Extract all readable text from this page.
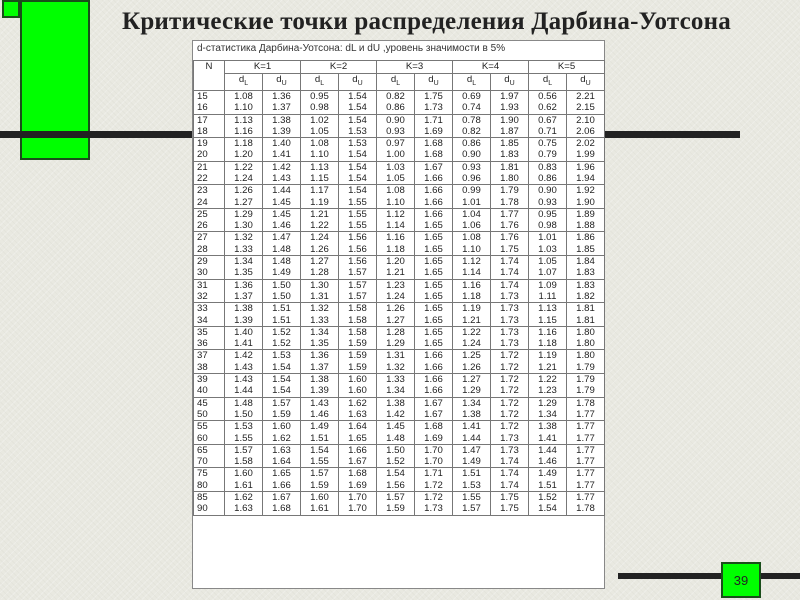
Критические точки распределения Дарбина-Уотсона
d-статистика Дарбина-Уотсона: dL и dU ,уровень значимости в 5%
N	K=1		K=2		K=3		K=4		K=5	
	$d_L$	$d_U$	$d_L$	$d_U$	$d_L$	$d_U$	$d_L$	$d_U$	$d_L$	$d_U$
15	1.08	1.36	0.95	1.54	0.82	1.75	0.69	1.97	0.56	2.21
16	1.10	1.37	0.98	1.54	0.86	1.73	0.74	1.93	0.62	2.15
17	1.13	1.38	1.02	1.54	0.90	1.71	0.78	1.90	0.67	2.10
18	1.16	1.39	1.05	1.53	0.93	1.69	0.82	1.87	0.71	2.06
19	1.18	1.40	1.08	1.53	0.97	1.68	0.86	1.85	0.75	2.02
20	1.20	1.41	1.10	1.54	1.00	1.68	0.90	1.83	0.79	1.99
21	1.22	1.42	1.13	1.54	1.03	1.67	0.93	1.81	0.83	1.96
22	1.24	1.43	1.15	1.54	1.05	1.66	0.96	1.80	0.86	1.94
23	1.26	1.44	1.17	1.54	1.08	1.66	0.99	1.79	0.90	1.92
24	1.27	1.45	1.19	1.55	1.10	1.66	1.01	1.78	0.93	1.90
25	1.29	1.45	1.21	1.55	1.12	1.66	1.04	1.77	0.95	1.89
26	1.30	1.46	1.22	1.55	1.14	1.65	1.06	1.76	0.98	1.88
27	1.32	1.47	1.24	1.56	1.16	1.65	1.08	1.76	1.01	1.86
28	1.33	1.48	1.26	1.56	1.18	1.65	1.10	1.75	1.03	1.85
29	1.34	1.48	1.27	1.56	1.20	1.65	1.12	1.74	1.05	1.84
30	1.35	1.49	1.28	1.57	1.21	1.65	1.14	1.74	1.07	1.83
31	1.36	1.50	1.30	1.57	1.23	1.65	1.16	1.74	1.09	1.83
32	1.37	1.50	1.31	1.57	1.24	1.65	1.18	1.73	1.11	1.82
33	1.38	1.51	1.32	1.58	1.26	1.65	1.19	1.73	1.13	1.81
34	1.39	1.51	1.33	1.58	1.27	1.65	1.21	1.73	1.15	1.81
35	1.40	1.52	1.34	1.58	1.28	1.65	1.22	1.73	1.16	1.80
36	1.41	1.52	1.35	1.59	1.29	1.65	1.24	1.73	1.18	1.80
37	1.42	1.53	1.36	1.59	1.31	1.66	1.25	1.72	1.19	1.80
38	1.43	1.54	1.37	1.59	1.32	1.66	1.26	1.72	1.21	1.79
39	1.43	1.54	1.38	1.60	1.33	1.66	1.27	1.72	1.22	1.79
40	1.44	1.54	1.39	1.60	1.34	1.66	1.29	1.72	1.23	1.79
45	1.48	1.57	1.43	1.62	1.38	1.67	1.34	1.72	1.29	1.78
50	1.50	1.59	1.46	1.63	1.42	1.67	1.38	1.72	1.34	1.77
55	1.53	1.60	1.49	1.64	1.45	1.68	1.41	1.72	1.38	1.77
60	1.55	1.62	1.51	1.65	1.48	1.69	1.44	1.73	1.41	1.77
65	1.57	1.63	1.54	1.66	1.50	1.70	1.47	1.73	1.44	1.77
70	1.58	1.64	1.55	1.67	1.52	1.70	1.49	1.74	1.46	1.77
75	1.60	1.65	1.57	1.68	1.54	1.71	1.51	1.74	1.49	1.77
80	1.61	1.66	1.59	1.69	1.56	1.72	1.53	1.74	1.51	1.77
85	1.62	1.67	1.60	1.70	1.57	1.72	1.55	1.75	1.52	1.77
90	1.63	1.68	1.61	1.70	1.59	1.73	1.57	1.75	1.54	1.78
39
